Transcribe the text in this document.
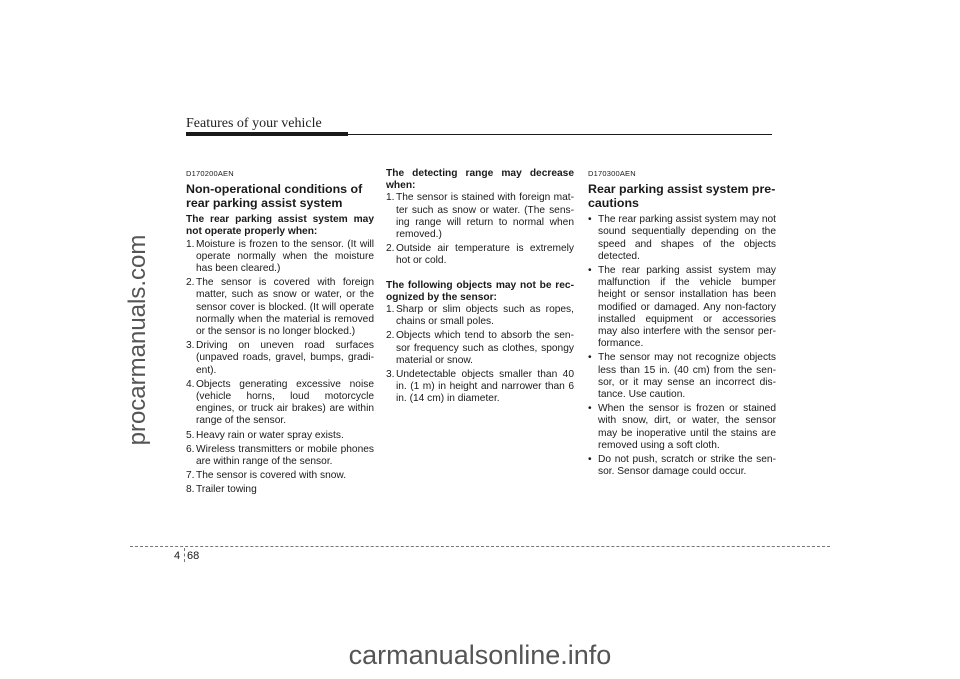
Features of your vehicle
procarmanuals.com
D170200AEN
Non-operational conditions of rear parking assist system
The rear parking assist system may not operate properly when:
1. Moisture is frozen to the sensor. (It will operate normally when the moisture has been cleared.)
2. The sensor is covered with foreign matter, such as snow or water, or the sensor cover is blocked. (It will operate normally when the material is removed or the sensor is no longer blocked.)
3. Driving on uneven road surfaces (unpaved roads, gravel, bumps, gradi-ent).
4. Objects generating excessive noise (vehicle horns, loud motorcycle engines, or truck air brakes) are within range of the sensor.
5. Heavy rain or water spray exists.
6. Wireless transmitters or mobile phones are within range of the sensor.
7. The sensor is covered with snow.
8. Trailer towing
The detecting range may decrease when:
1. The sensor is stained with foreign mat-ter such as snow or water. (The sens-ing range will return to normal when removed.)
2. Outside air temperature is extremely hot or cold.
The following objects may not be rec-ognized by the sensor:
1. Sharp or slim objects such as ropes, chains or small poles.
2. Objects which tend to absorb the sen-sor frequency such as clothes, spongy material or snow.
3. Undetectable objects smaller than 40 in. (1 m) in height and narrower than 6 in. (14 cm) in diameter.
D170300AEN
Rear parking assist system pre-cautions
• The rear parking assist system may not sound sequentially depending on the speed and shapes of the objects detected.
• The rear parking assist system may malfunction if the vehicle bumper height or sensor installation has been modified or damaged. Any non-factory installed equipment or accessories may also interfere with the sensor per-formance.
• The sensor may not recognize objects less than 15 in. (40 cm) from the sen-sor, or it may sense an incorrect dis-tance. Use caution.
• When the sensor is frozen or stained with snow, dirt, or water, the sensor may be inoperative until the stains are removed using a soft cloth.
• Do not push, scratch or strike the sen-sor. Sensor damage could occur.
4 68
carmanualsonline.info
